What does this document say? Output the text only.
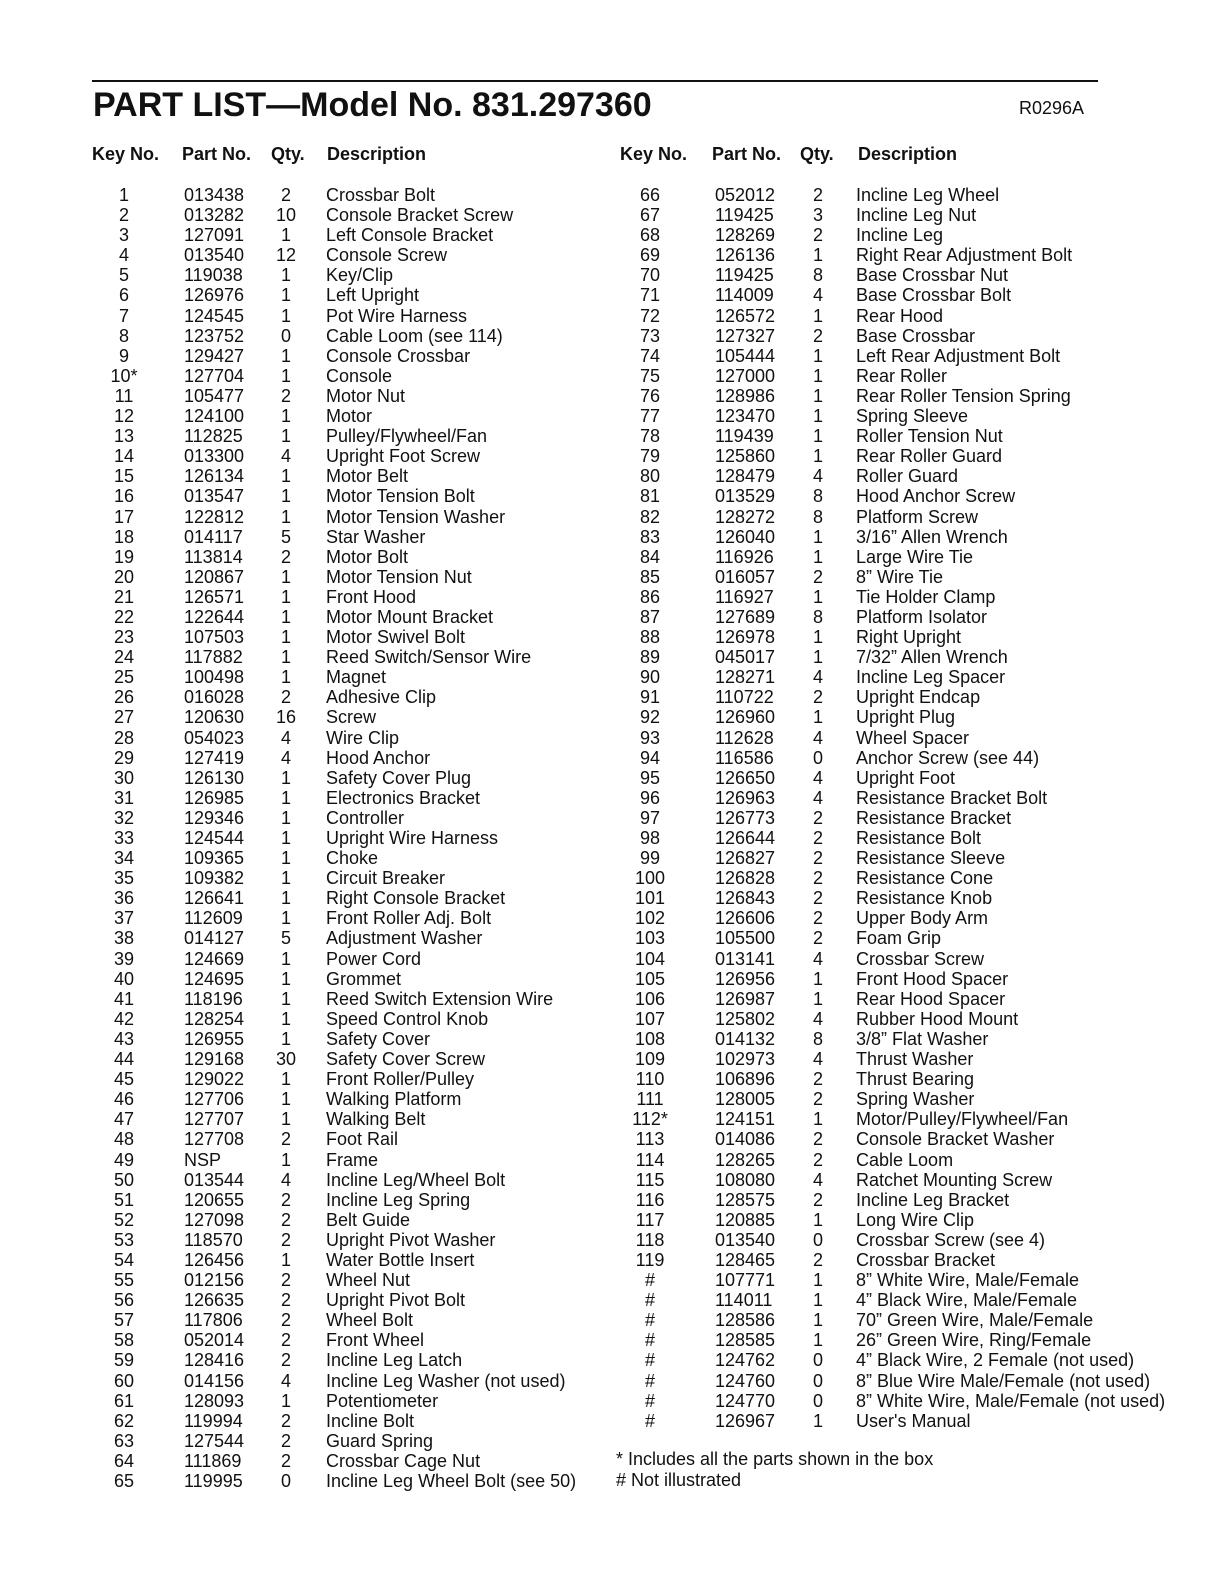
PART LIST—Model No. 831.297360	R0296A
Key No. Part No. Qty. Description
1	013438	2	Crossbar Bolt
2	013282 10 Console Bracket Screw
3	127091	1	Left Console Bracket
4	013540 12 Console Screw
5	119038	1	Key/Clip
6	126976	1	Left Upright
7	124545	1	Pot Wire Harness
8	123752	0	Cable Loom (see 114)
9	129427	1	Console Crossbar
10*	127704	1	Console
11	105477	2	Motor Nut
12	124100	1	Motor
13	112825	1	Pulley/Flywheel/Fan
14	013300	4	Upright Foot Screw
15	126134	1	Motor Belt
16	013547	1	Motor Tension Bolt
17	122812	1	Motor Tension Washer
18	014117	5	Star Washer
19	113814	2	Motor Bolt
20	120867	1	Motor Tension Nut
21	126571	1	Front Hood
22	122644	1	Motor Mount Bracket
23	107503	1	Motor Swivel Bolt
24	117882	1	Reed Switch/Sensor Wire
25	100498	1	Magnet
26	016028	2	Adhesive Clip
27	120630 16 Screw
28	054023	4	Wire Clip
29	127419	4	Hood Anchor
30	126130	1	Safety Cover Plug
31	126985	1	Electronics Bracket
32	129346	1	Controller
33	124544	1	Upright Wire Harness
34	109365	1	Choke
35	109382	1	Circuit Breaker
36	126641	1	Right Console Bracket
37	112609	1	Front Roller Adj. Bolt
38	014127	5	Adjustment Washer
39	124669	1	Power Cord
40	124695	1	Grommet
41	118196	1	Reed Switch Extension Wire
42	128254	1	Speed Control Knob
43	126955	1	Safety Cover
44	129168 30 Safety Cover Screw
45	129022	1	Front Roller/Pulley
46	127706	1	Walking Platform
47	127707	1	Walking Belt
48	127708	2	Foot Rail
49	NSP	1	Frame
50	013544	4	Incline Leg/Wheel Bolt
51	120655	2	Incline Leg Spring
52	127098	2	Belt Guide
53	118570	2	Upright Pivot Washer
54	126456	1	Water Bottle Insert
55	012156	2	Wheel Nut
56	126635	2	Upright Pivot Bolt
57	117806	2	Wheel Bolt
58	052014	2	Front Wheel
59	128416	2	Incline Leg Latch
60	014156	4	Incline Leg Washer (not used)
61	128093	1	Potentiometer
62	119994	2	Incline Bolt
63	127544	2	Guard Spring
64	111869	2	Crossbar Cage Nut
65	119995	0	Incline Leg Wheel Bolt (see 50)
Key No. Part No. Qty. Description
66	052012	2	Incline Leg Wheel
67	119425	3	Incline Leg Nut
68	128269	2	Incline Leg
69	126136	1	Right Rear Adjustment Bolt
70	119425	8	Base Crossbar Nut
71	114009	4	Base Crossbar Bolt
72	126572	1	Rear Hood
73	127327	2	Base Crossbar
74	105444	1	Left Rear Adjustment Bolt
75	127000	1	Rear Roller
76	128986	1	Rear Roller Tension Spring
77	123470	1	Spring Sleeve
78	119439	1	Roller Tension Nut
79	125860	1	Rear Roller Guard
80	128479	4	Roller Guard
81	013529	8	Hood Anchor Screw
82	128272	8	Platform Screw
83	126040	1	3/16” Allen Wrench
84	116926	1	Large Wire Tie
85	016057	2	8” Wire Tie
86	116927	1	Tie Holder Clamp
87	127689	8	Platform Isolator
88	126978	1	Right Upright
89	045017	1	7/32” Allen Wrench
90	128271	4	Incline Leg Spacer
91	110722	2	Upright Endcap
92	126960	1	Upright Plug
93	112628	4	Wheel Spacer
94	116586	0	Anchor Screw (see 44)
95	126650	4	Upright Foot
96	126963	4	Resistance Bracket Bolt
97	126773	2	Resistance Bracket
98	126644	2	Resistance Bolt
99	126827	2	Resistance Sleeve
100	126828	2	Resistance Cone
101	126843	2	Resistance Knob
102	126606	2	Upper Body Arm
103	105500	2	Foam Grip
104	013141	4	Crossbar Screw
105	126956	1	Front Hood Spacer
106	126987	1	Rear Hood Spacer
107	125802	4	Rubber Hood Mount
108	014132	8	3/8” Flat Washer
109	102973	4	Thrust Washer
110	106896	2	Thrust Bearing
111	128005	2	Spring Washer
112*	124151	1	Motor/Pulley/Flywheel/Fan
113	014086	2	Console Bracket Washer
114	128265	2	Cable Loom
115	108080	4	Ratchet Mounting Screw
116	128575	2	Incline Leg Bracket
117	120885	1	Long Wire Clip
118	013540	0	Crossbar Screw (see 4)
119	128465	2	Crossbar Bracket
#	107771	1	8” White Wire, Male/Female
#	114011	1	4” Black Wire, Male/Female
#	128586	1	70” Green Wire, Male/Female
#	128585	1	26” Green Wire, Ring/Female
#	124762	0	4” Black Wire, 2 Female (not used)
#	124760	0	8” Blue Wire Male/Female (not used)
#	124770	0	8” White Wire, Male/Female (not used)
#	126967	1	User's Manual
* Includes all the parts shown in the box
# Not illustrated
